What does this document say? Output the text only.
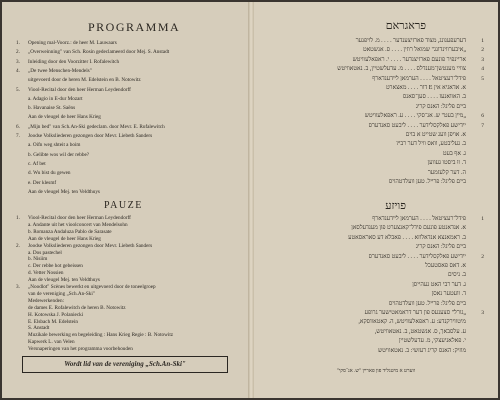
PROGRAMMA
1. Opening mal-Voorz.: de heer M. Lauwaars
2. „Overweinning" van Sch. Rosin gedeclameerd door Mej. S. Anstadt
3. Inleiding door den Voorzitter I. Rofalewitch
4. „De twee Menschen-Mendels"
uitgevoerd door de heren M. Edelstein en B. Notowitz
5. Viool-Recital door den heer Herman Leydendorff
a. Adagio in E-dur Mozart
b. Havanaise St. Saëns
Aan de vleugel de heer Hans Krieg
6. „Mijn bed" van Sch.An-Ski gedeclam. door Mevr. E. Rofalewitch
7. Joodse Volksliederen gezongen door Mevr. Liebeth Sanders
a. Oifn weg shteit a boim
b. Gelibte wos wil der rebbe?
c. Af bet
d. Wu bist du gewen
e. Der klesmf
Aan de vleugel Mej. ten Veldthuys
PAUZE
1. Viool-Recital door den heer Herman Leydendorff
a. Andante uit het vioolconcert van Mendelsohn
b. Romanza Andaluza Pablo de Sarasate
Aan de vleugel de heer Hans Krieg
2. Joodse Volksliederen gezongen door Mevr. Liebeth Sanders
a. Dos pastechel
b. Nisiim
c. Der rebbe hot gebeissen
d. Vetter Nossien
Aan de vleugel Mej. ten Veldthuys
3. „Noodlot" Scènes bewerkt en uitgevoerd door de toneelgroep
van de vereniging „Sch.An-Ski"
Medewerkenden:
de dames E. Rofalewitch de heren B. Notowitz
H. Kotowska J. Polaniecki
E. Elsbach M. Edelstein
S. Anstadt
Muzikale bewerking en begeleiding : Hans Krieg Regie : B. Notowitz
Kapwerk L. van Velen
Versnaperingen van het programma voorbehouden
Wordt lid van de vereniging „Sch.An-Ski"
פראגראם
1
דערעפענונג, מצוד פארזיצענדער . . . . מ. לויפנער
2
„איבערווינדונג" שמואל רוזין . . . . ס. אנשטאט
3
אריינפיר פונעם פארזיצנדער . . . . י. ראפאלעוויטש
4
צוויי מענטשן־מענדלס . . . . מ. עדעלשטיין, ב. נאטאוויטש
5
פידל־רעציטאל . . . . הערמאן לײדענדארף
א. אדאגיא אין E דור . . . . מאצארט
ב. האוואנעז . . . . סען־סאנס
בײם פליגל: האנס קריג
6
„מײן בעט" ש. אנ־סקי . . . . ע. ראפאלעוויטש
7
יידישע פאלקסלידער . . . . ליבעט סאנדערס
א. אויפן וועג שטייט א בוים
ב. געליבטע, וואס וויל דער רבי?
ג. אף בעט
ד. ווּ ביסטו געווען
ה. דער קלעזמער
בײם פליגל: פרײל. טען וועלדטהויס
פויזע
1
פידל־רעציטאל . . . . הערמאן לײדענדארף
א. אנדאנטע פונעם פידל־קאנצערט פון מענדעלסאן
ב. ראמאנצא אנדאלוזא . . . . פאבלא דע סאראסאטע
בײם פליגל: האנס קריג
2
יידישע פאלקסלידער . . . . ליבעט סאנדערס
א. דאס פאסטעכל
ב. ניסים
ג. דער רבי האט געהייסן
ד. וועטער נאסן
בײם פליגל: פרײל. טען וועלדטהויס
3
„גורל" סצענעס פון דער דראמאטישער גרופע
מיטווירקנדע: ע. ראפאלעוויטש, ה. קאטאווסקא,
ע. עלסבאך, ס. אנשטאט, ב. נאטאוויטש,
י. פאלאניעצקי, מ. עדעלשטיין
מוזיק: האנס קריג רעזשי: ב. נאטאוויטש
ווערט א מיטגליד פון פארײן "ש. אנ־סקי"
